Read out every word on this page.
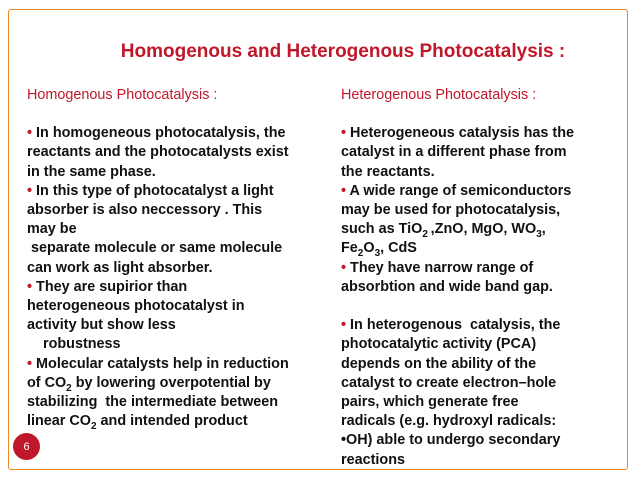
Homogenous and Heterogenous Photocatalysis :
Homogenous Photocatalysis :
• In homogeneous photocatalysis, the
reactants and the photocatalysts exist
in the same phase.
• In this type of photocatalyst a light
absorber is also neccessory . This
may be
separate molecule or same molecule
can work as light absorber.
• They are supirior than
heterogeneous photocatalyst in
activity but show less
robustness
• Molecular catalysts help in reduction
of $CO_2$ by lowering overpotential by
stabilizing  the intermediate between
linear $CO_2$ and intended product
Heterogenous Photocatalysis :
• Heterogeneous catalysis has the
catalyst in a different phase from
the reactants.
• A wide range of semiconductors
may be used for photocatalysis,
such as TiO$_2$ ,ZnO, MgO, $WO_3$,
$Fe_2O_3$, CdS
• They have narrow range of
absorbtion and wide band gap.
• In heterogenous  catalysis, the
photocatalytic activity (PCA)
depends on the ability of the
catalyst to create electron–hole
pairs, which generate free
radicals (e.g. hydroxyl radicals:
•OH) able to undergo secondary
reactions
6
